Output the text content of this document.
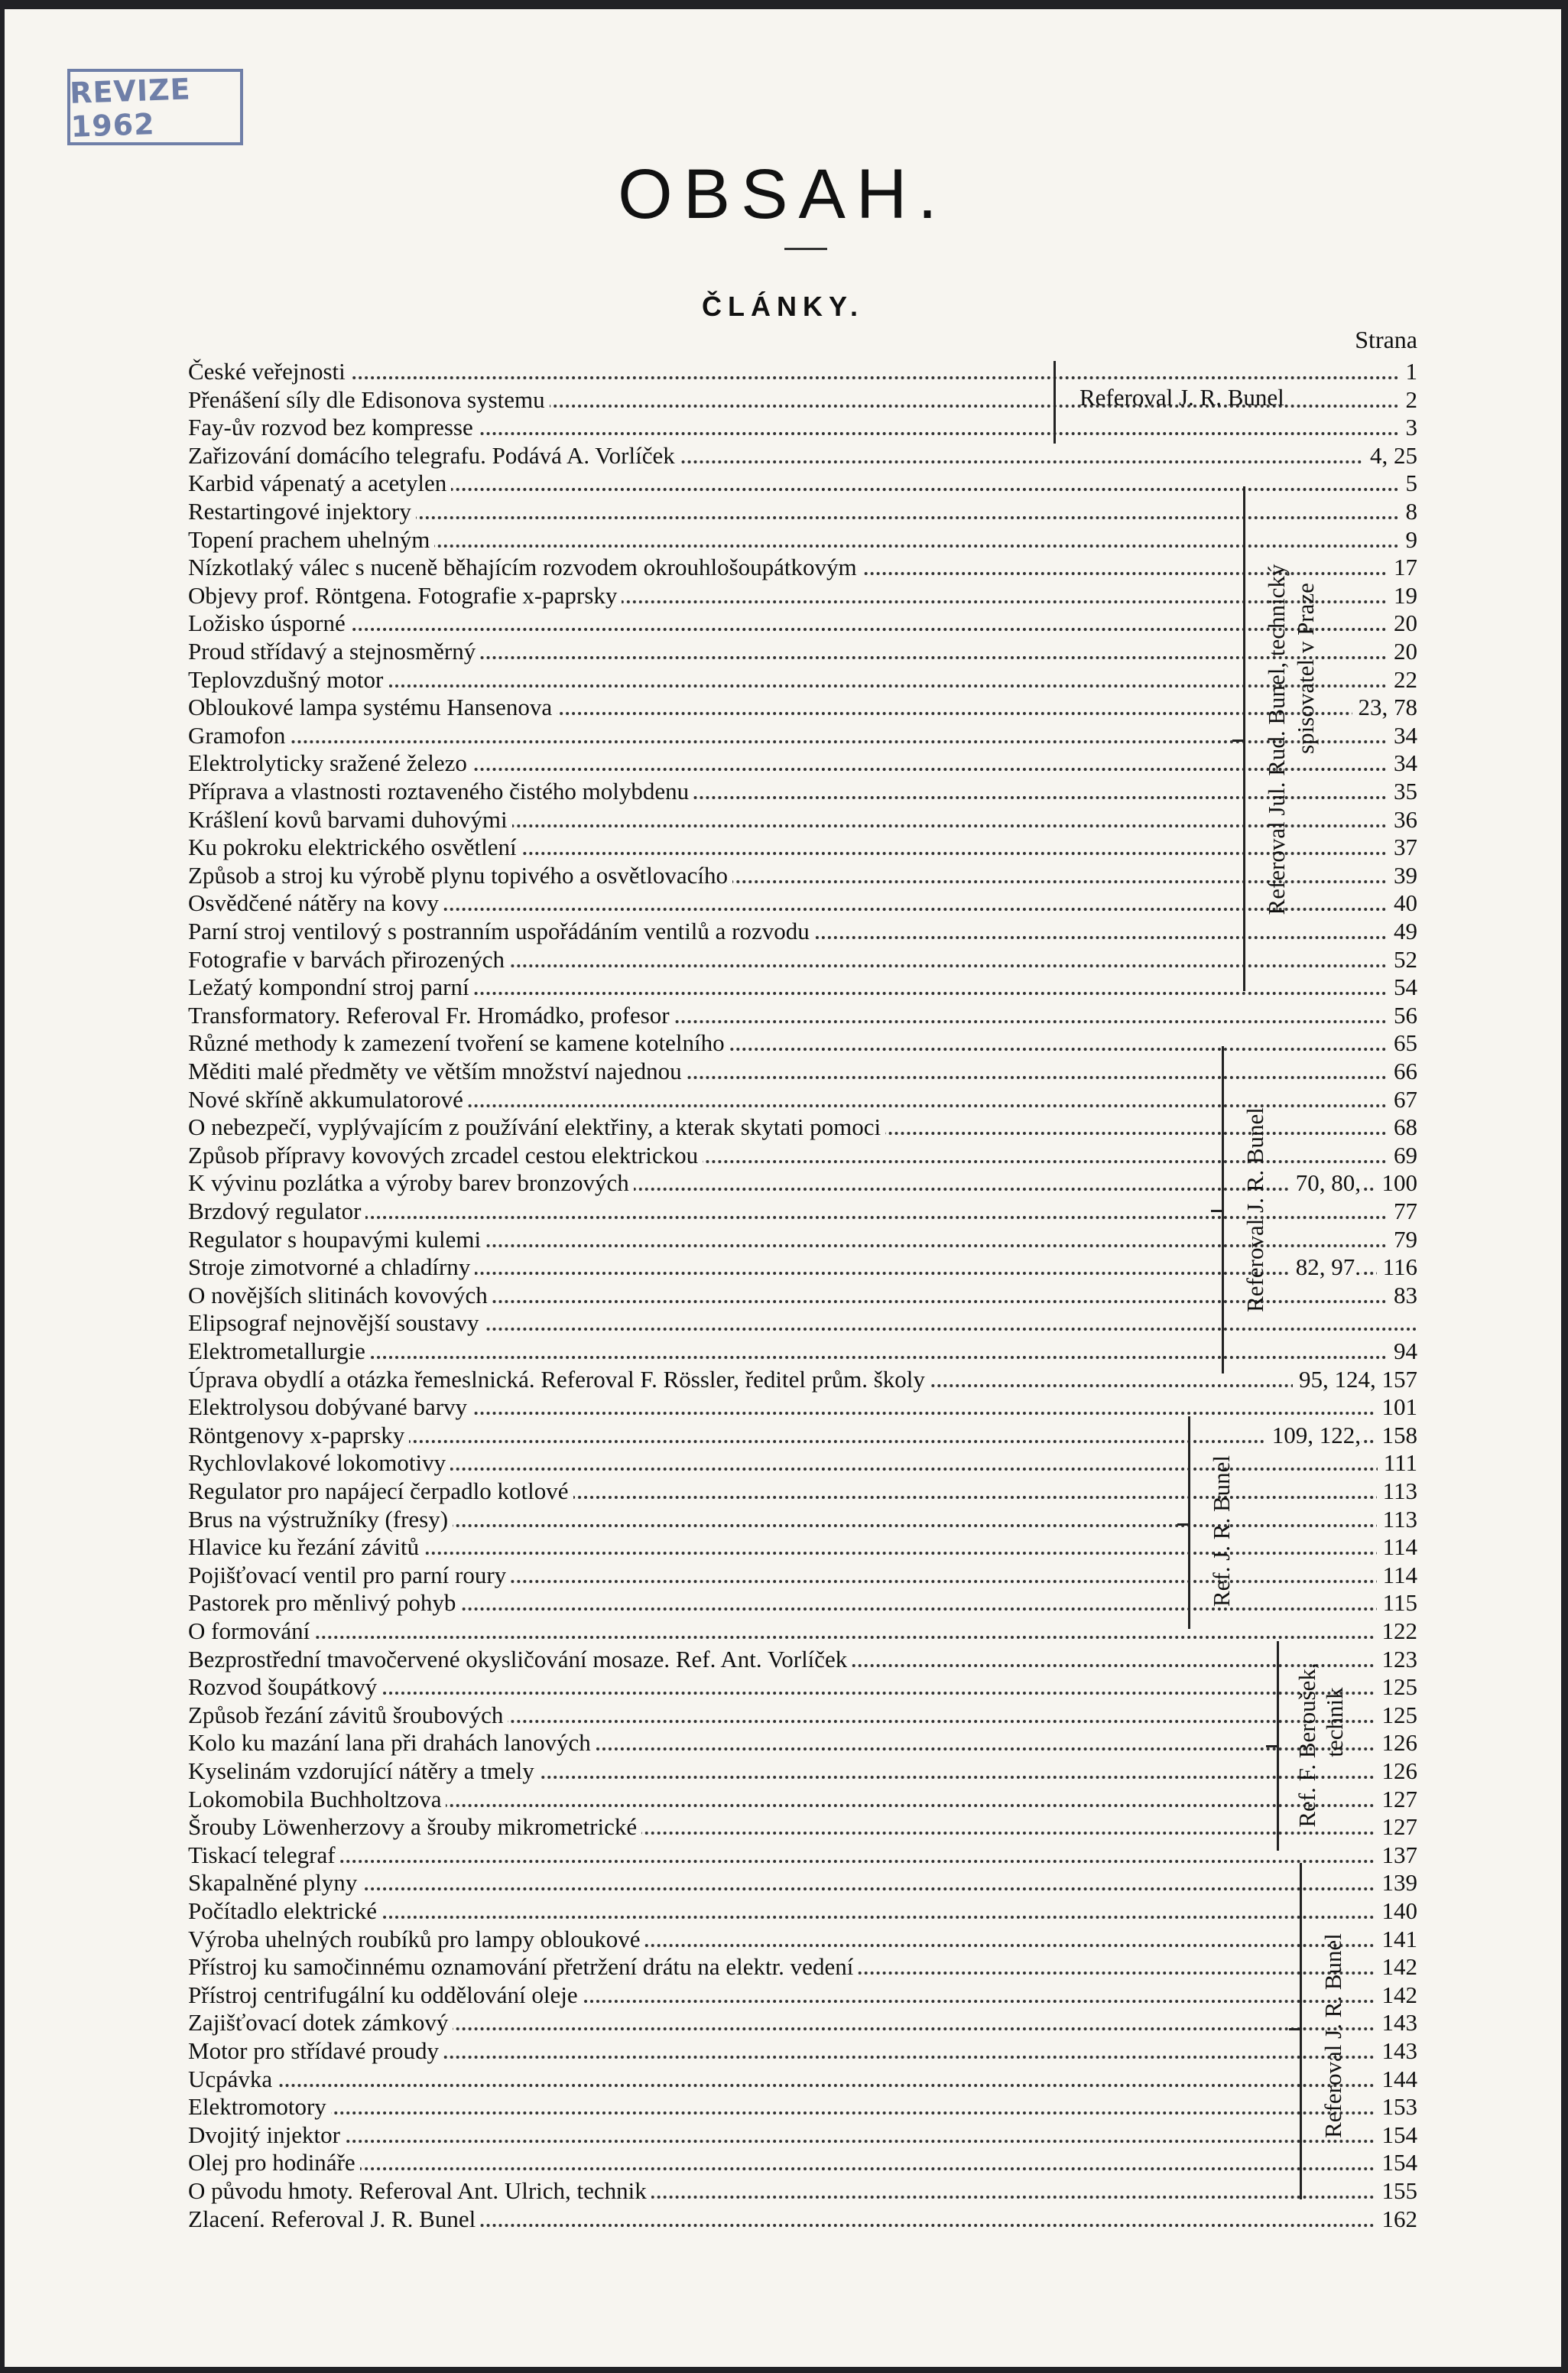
REVIZE 1962
OBSAH.
ČLÁNKY.
Strana
České veřejnosti	1
Přenášení síly dle Edisonova systemu	2
Fay-ův rozvod bez kompresse	3
Zařizování domácího telegrafu. Podává A. Vorlíček	4, 25
Karbid vápenatý a acetylen	5
Restartingové injektory	8
Topení prachem uhelným	9
Nízkotlaký válec s nuceně běhajícím rozvodem okrouhlošoupátkovým	17
Objevy prof. Röntgena. Fotografie x-paprsky	19
Ložisko úsporné	20
Proud střídavý a stejnosměrný	20
Teplovzdušný motor	22
Obloukové lampa systému Hansenova	23, 78
Gramofon	34
Elektrolyticky sražené železo	34
Příprava a vlastnosti roztaveného čistého molybdenu	35
Krášlení kovů barvami duhovými	36
Ku pokroku elektrického osvětlení	37
Způsob a stroj ku výrobě plynu topivého a osvětlovacího	39
Osvědčené nátěry na kovy	40
Parní stroj ventilový s postranním uspořádáním ventilů a rozvodu	49
Fotografie v barvách přirozených	52
Ležatý kompondní stroj parní	54
Transformatory. Referoval Fr. Hromádko, profesor	56
Různé methody k zamezení tvoření se kamene kotelního	65
Měditi malé předměty ve větším množství najednou	66
Nové skříně akkumulatorové	67
O nebezpečí, vyplývajícím z používání elektřiny, a kterak skytati pomoci	68
Způsob přípravy kovových zrcadel cestou elektrickou	69
K vývinu pozlátka a výroby barev bronzových	70, 80, 100
Brzdový regulator	77
Regulator s houpavými kulemi	79
Stroje zimotvorné a chladírny	82, 97. 116
O novějších slitinách kovových	83
Elipsograf nejnovější soustavy
Elektrometallurgie	94
Úprava obydlí a otázka řemeslnická. Referoval F. Rössler, ředitel prům. školy	95, 124, 157
Elektrolysou dobývané barvy	101
Röntgenovy x-paprsky	109, 122, 158
Rychlovlakové lokomotivy	111
Regulator pro napájecí čerpadlo kotlové	113
Brus na výstružníky (fresy)	113
Hlavice ku řezání závitů	114
Pojišťovací ventil pro parní roury	114
Pastorek pro měnlivý pohyb	115
O formování	122
Bezprostřední tmavočervené okysličování mosaze. Ref. Ant. Vorlíček	123
Rozvod šoupátkový	125
Způsob řezání závitů šroubových	125
Kolo ku mazání lana při drahách lanových	126
Kyselinám vzdorující nátěry a tmely	126
Lokomobila Buchholtzova	127
Šrouby Löwenherzovy a šrouby mikrometrické	127
Tiskací telegraf	137
Skapalněné plyny	139
Počítadlo elektrické	140
Výroba uhelných roubíků pro lampy obloukové	141
Přístroj ku samočinnému oznamování přetržení drátu na elektr. vedení	142
Přístroj centrifugální ku oddělování oleje	142
Zajišťovací dotek zámkový	143
Motor pro střídavé proudy	143
Ucpávka	144
Elektromotory	153
Dvojitý injektor	154
Olej pro hodináře	154
O původu hmoty. Referoval Ant. Ulrich, technik	155
Zlacení. Referoval J. R. Bunel	162
Referoval J. R. Bunel
Referoval Jul. Rud. Bunel, technický spisovatel v Praze
Referoval J. R. Bunel
Ref. J. R. Bunel
Ref. F. Beroušek, technik
Referoval J. R. Bunel
